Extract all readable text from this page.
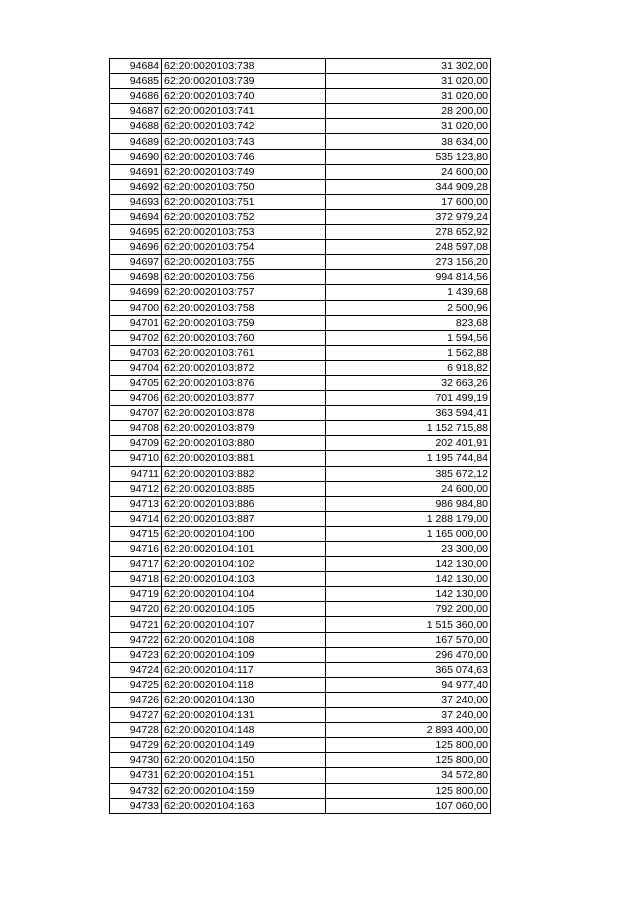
94684	62:20:0020103:738	31 302,00
94685	62:20:0020103:739	31 020,00
94686	62:20:0020103:740	31 020,00
94687	62:20:0020103:741	28 200,00
94688	62:20:0020103:742	31 020,00
94689	62:20:0020103:743	38 634,00
94690	62:20:0020103:746	535 123,80
94691	62:20:0020103:749	24 600,00
94692	62:20:0020103:750	344 909,28
94693	62:20:0020103:751	17 600,00
94694	62:20:0020103:752	372 979,24
94695	62:20:0020103:753	278 652,92
94696	62:20:0020103:754	248 597,08
94697	62:20:0020103:755	273 156,20
94698	62:20:0020103:756	994 814,56
94699	62:20:0020103:757	1 439,68
94700	62:20:0020103:758	2 500,96
94701	62:20:0020103:759	823,68
94702	62:20:0020103:760	1 594,56
94703	62:20:0020103:761	1 562,88
94704	62:20:0020103:872	6 918,82
94705	62:20:0020103:876	32 663,26
94706	62:20:0020103:877	701 499,19
94707	62:20:0020103:878	363 594,41
94708	62:20:0020103:879	1 152 715,88
94709	62:20:0020103:880	202 401,91
94710	62:20:0020103:881	1 195 744,84
94711	62:20:0020103:882	385 672,12
94712	62:20:0020103:885	24 600,00
94713	62:20:0020103:886	986 984,80
94714	62:20:0020103:887	1 288 179,00
94715	62:20:0020104:100	1 165 000,00
94716	62:20:0020104:101	23 300,00
94717	62:20:0020104:102	142 130,00
94718	62:20:0020104:103	142 130,00
94719	62:20:0020104:104	142 130,00
94720	62:20:0020104:105	792 200,00
94721	62:20:0020104:107	1 515 360,00
94722	62:20:0020104:108	167 570,00
94723	62:20:0020104:109	296 470,00
94724	62:20:0020104:117	365 074,63
94725	62:20:0020104:118	94 977,40
94726	62:20:0020104:130	37 240,00
94727	62:20:0020104:131	37 240,00
94728	62:20:0020104:148	2 893 400,00
94729	62:20:0020104:149	125 800,00
94730	62:20:0020104:150	125 800,00
94731	62:20:0020104:151	34 572,80
94732	62:20:0020104:159	125 800,00
94733	62:20:0020104:163	107 060,00
